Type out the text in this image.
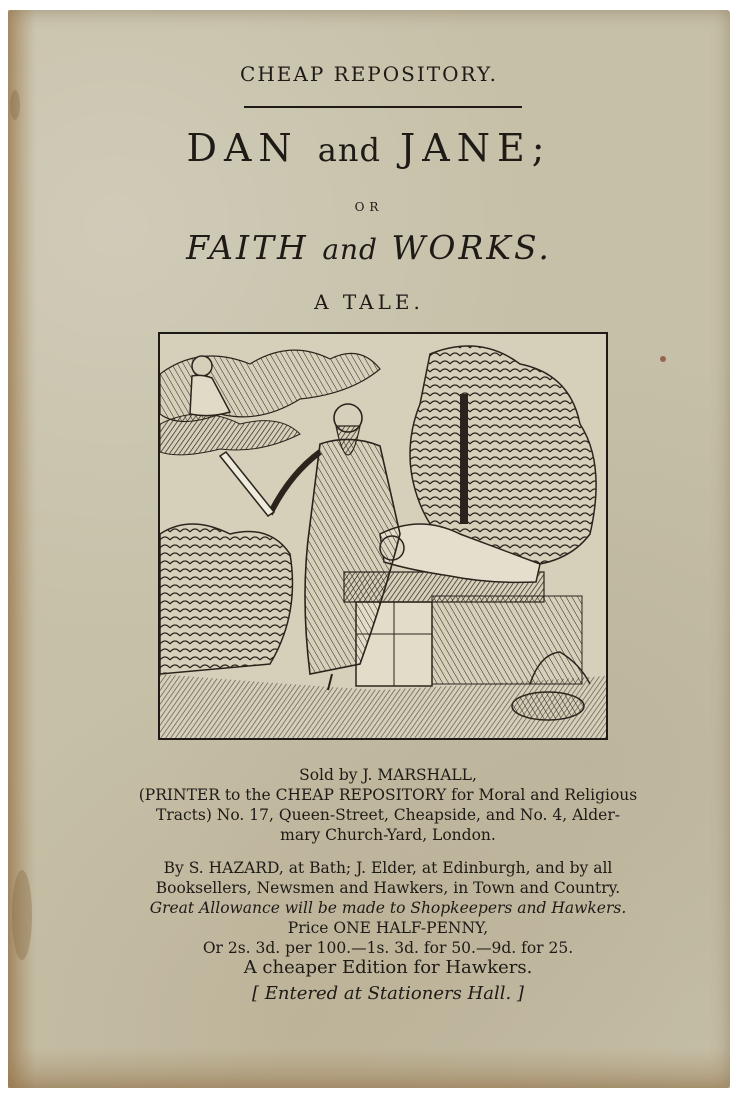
CHEAP REPOSITORY.
DAN and JANE;
OR
FAITH and WORKS.
A TALE.
Sold by J. MARSHALL,
(PRINTER to the CHEAP REPOSITORY for Moral and Religious
Tracts) No. 17, Queen-Street, Cheapside, and No. 4, Alder-
mary Church-Yard, London.
By S. HAZARD, at Bath; J. Elder, at Edinburgh, and by all
Booksellers, Newsmen and Hawkers, in Town and Country.
Great Allowance will be made to Shopkeepers and Hawkers.
Price ONE HALF-PENNY,
Or 2s. 3d. per 100.—1s. 3d. for 50.—9d. for 25.
A cheaper Edition for Hawkers.
[ Entered at Stationers Hall. ]
